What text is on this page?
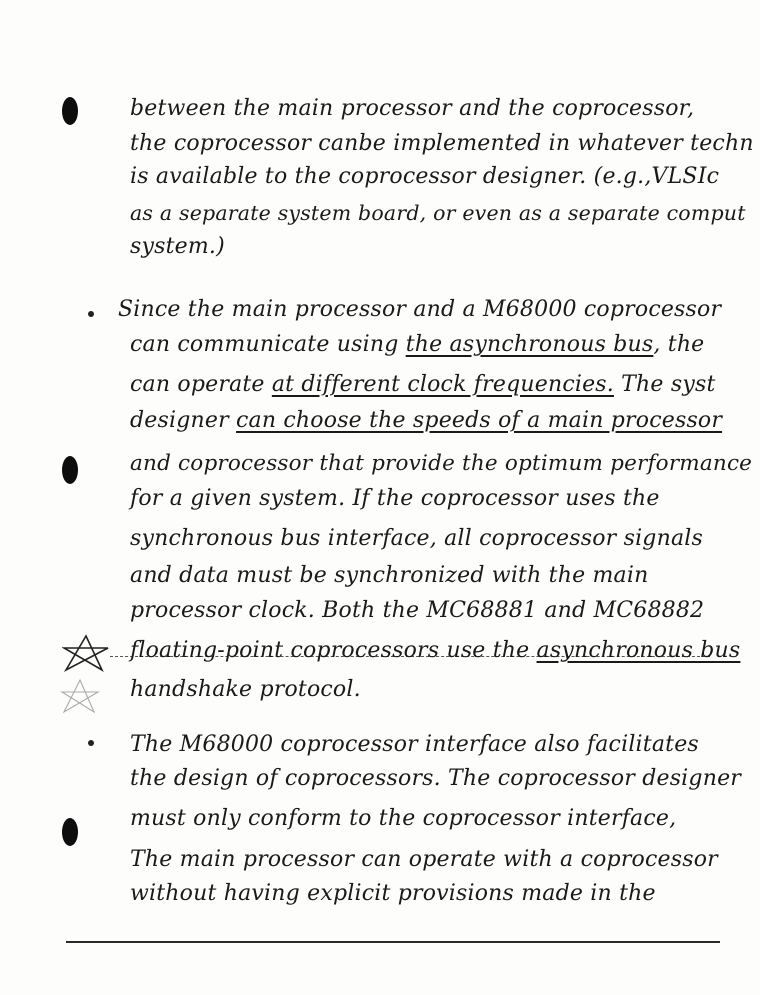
between the main processor and the coprocessor,
the coprocessor canbe implemented in whatever techn
is available to the coprocessor designer. (e.g.,VLSIc
as a separate system board, or even as a separate comput
system.)
Since the main processor and a M68000 coprocessor
can communicate using the asynchronous bus, the
can operate at different clock frequencies. The syst
designer can choose the speeds of a main processor
and coprocessor that provide the optimum performance
for a given system. If the coprocessor uses the
synchronous bus interface, all coprocessor signals
and data must be synchronized with the main
processor clock. Both the MC68881 and MC68882
floating-point coprocessors use the asynchronous bus
handshake protocol.
The M68000 coprocessor interface also facilitates
the design of coprocessors. The coprocessor designer
must only conform to the coprocessor interface,
The main processor can operate with a coprocessor
without having explicit provisions made in the
